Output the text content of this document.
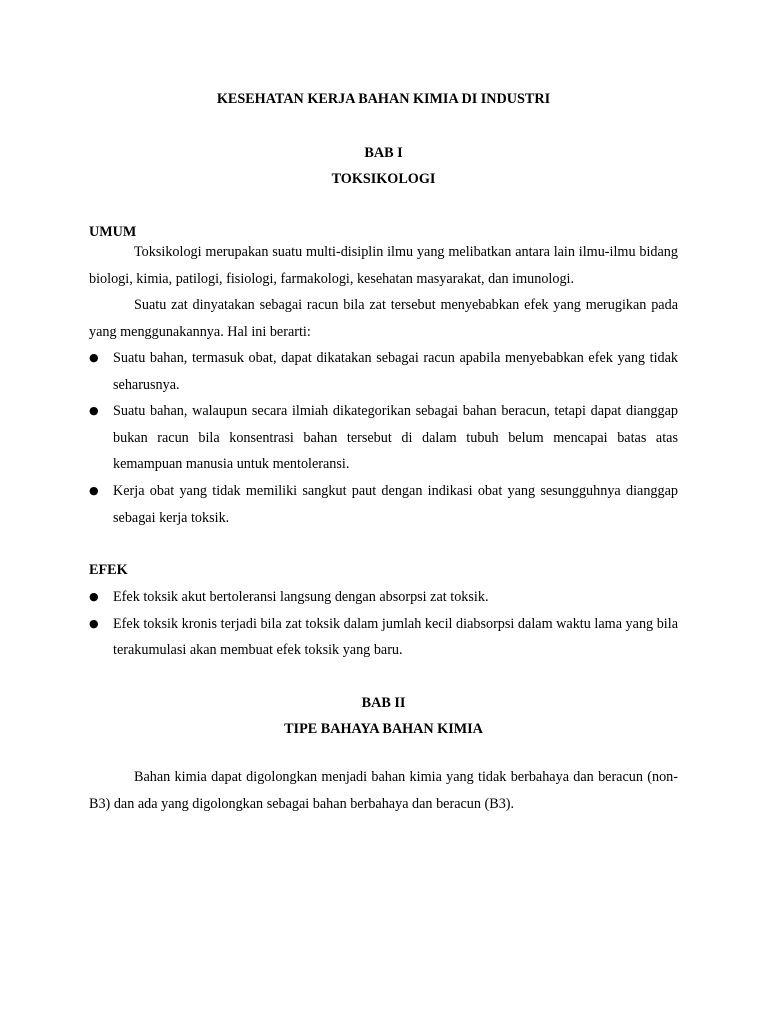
KESEHATAN KERJA BAHAN KIMIA DI INDUSTRI
BAB I
TOKSIKOLOGI
UMUM

Toksikologi merupakan suatu multi-disiplin ilmu yang melibatkan antara lain ilmu-ilmu bidang biologi, kimia, patilogi, fisiologi, farmakologi, kesehatan masyarakat, dan imunologi.

Suatu zat dinyatakan sebagai racun bila zat tersebut menyebabkan efek yang merugikan pada yang menggunakannya. Hal ini berarti:

●	Suatu bahan, termasuk obat, dapat dikatakan sebagai racun apabila menyebabkan efek yang tidak seharusnya.
●	Suatu bahan, walaupun secara ilmiah dikategorikan sebagai bahan beracun, tetapi dapat dianggap bukan racun bila konsentrasi bahan tersebut di dalam tubuh belum mencapai batas atas kemampuan manusia untuk mentoleransi.
●	Kerja obat yang tidak memiliki sangkut paut dengan indikasi obat yang sesungguhnya dianggap sebagai kerja toksik.
EFEK
●	Efek toksik akut bertoleransi langsung dengan absorpsi zat toksik.
●	Efek toksik kronis terjadi bila zat toksik dalam jumlah kecil diabsorpsi dalam waktu lama yang bila terakumulasi akan membuat efek toksik yang baru.
BAB II
TIPE BAHAYA BAHAN KIMIA

Bahan kimia dapat digolongkan menjadi bahan kimia yang tidak berbahaya dan beracun (non-B3) dan ada yang digolongkan sebagai bahan berbahaya dan beracun (B3).
